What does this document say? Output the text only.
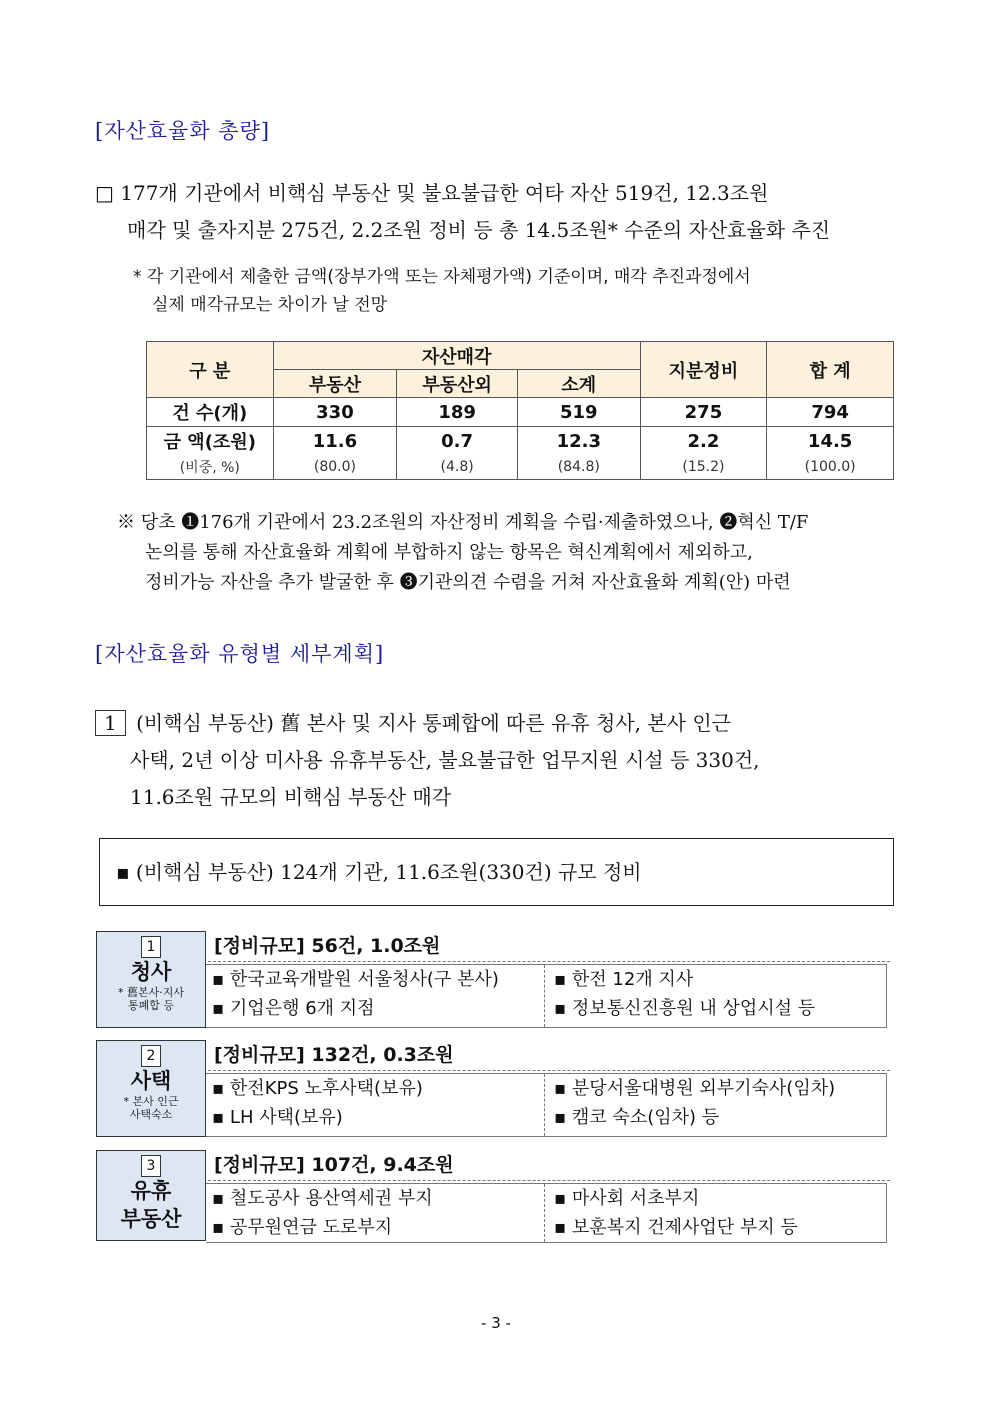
[자산효율화 총량]
□ 177개 기관에서 비핵심 부동산 및 불요불급한 여타 자산 519건, 12.3조원
매각 및 출자지분 275건, 2.2조원 정비 등 총 14.5조원* 수준의 자산효율화 추진
* 각 기관에서 제출한 금액(장부가액 또는 자체평가액) 기준이며, 매각 추진과정에서
실제 매각규모는 차이가 날 전망
구 분	자산매각			지분정비	합 계
	부동산	부동산외	소계		
건 수(개)	330	189	519	275	794
금 액(조원)	11.6	0.7	12.3	2.2	14.5
(비중, %)	(80.0)	(4.8)	(84.8)	(15.2)	(100.0)
※ 당초 ❶176개 기관에서 23.2조원의 자산정비 계획을 수립·제출하였으나, ❷혁신 T/F
논의를 통해 자산효율화 계획에 부합하지 않는 항목은 혁신계획에서 제외하고,
정비가능 자산을 추가 발굴한 후 ❸기관의견 수렴을 거쳐 자산효율화 계획(안) 마련
[자산효율화 유형별 세부계획]
1 (비핵심 부동산) 舊 본사 및 지사 통폐합에 따른 유휴 청사, 본사 인근
사택, 2년 이상 미사용 유휴부동산, 불요불급한 업무지원 시설 등 330건,
11.6조원 규모의 비핵심 부동산 매각
▪ (비핵심 부동산) 124개 기관, 11.6조원(330건) 규모 정비
1
청사
* 舊본사·지사
통폐합 등
[정비규모] 56건, 1.0조원
▪ 한국교육개발원 서울청사(구 본사)
▪ 기업은행 6개 지점
▪ 한전 12개 지사
▪ 정보통신진흥원 내 상업시설 등
2
사택
* 본사 인근
사택숙소
[정비규모] 132건, 0.3조원
▪ 한전KPS 노후사택(보유)
▪ LH 사택(보유)
▪ 분당서울대병원 외부기숙사(임차)
▪ 캠코 숙소(임차) 등
3
유휴
부동산
[정비규모] 107건, 9.4조원
▪ 철도공사 용산역세권 부지
▪ 공무원연금 도로부지
▪ 마사회 서초부지
▪ 보훈복지 건제사업단 부지 등
- 3 -
